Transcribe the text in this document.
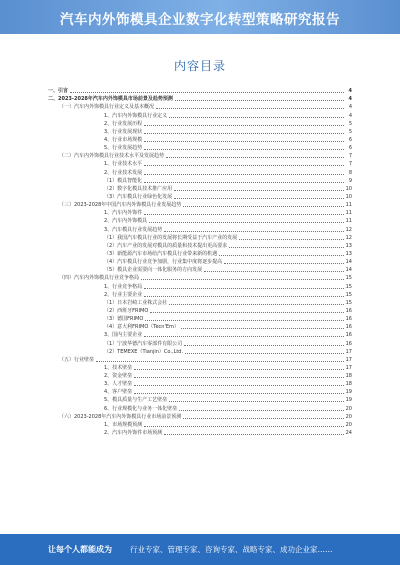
汽车内外饰模具企业数字化转型策略研究报告
内容目录
一、引言	4
二、2023-2028年汽车内外饰模具市场前景及趋势预测	4
（一）汽车内外饰模具行业定义及基本概况	4
1、汽车内外饰模具行业定义	4
2、行业发展历程	5
3、行业发展现状	5
4、行业市场规模	6
5、行业发展趋势	6
（二）汽车内外饰模具行业技术水平及发展趋势	7
1、行业技术水平	7
2、行业技术发展	8
（1）模具智能化	9
（2）数字化模具技术推广应用	10
（3）汽车模具行业绿色化发展	10
（三）2023-2028年中国汽车内外饰模具行业发展趋势	11
1、汽车内外饰件	11
2、汽车内外饰模具	11
3、汽车模具行业发展趋势	12
（1）我国汽车模具行业的发展将长期受益于汽车产业的发展	12
（2）汽车产业的发展对模具的质量和技术提出更高要求	13
（3）新能源汽车市场给汽车模具行业带来新的机遇	13
（4）汽车模具行业竞争加剧，行业集中度将逐步提高	14
（5）模具企业需要向一体化服务的方向发展	14
（四）汽车内外饰模具行业竞争格局	15
1、行业竞争格局	15
2、行业主要企业	15
（1）日本岩崎工业株式会社	15
（2）西班牙FRIMO	16
（3）德国FRIMO	16
（4）意大利FRIMO（Tecn'Em）	16
3、国内主要企业	16
（1）宁波华德汽车零部件有限公司	16
（2）TEMEXE（Tianjin）Co.,Ltd.	17
（五）行业壁垒	17
1、技术壁垒	17
2、资金壁垒	18
3、人才壁垒	18
4、客户壁垒	19
5、模具质量与生产工艺壁垒	19
6、行业规模化与业务一体化壁垒	20
（六）2023-2028年汽车内外饰模具行业市场前景预测	20
1、市场规模预测	20
2、汽车内外饰件市场预测	24
让每个人都能成为 行业专家、管理专家、咨询专家、战略专家、成功企业家……
